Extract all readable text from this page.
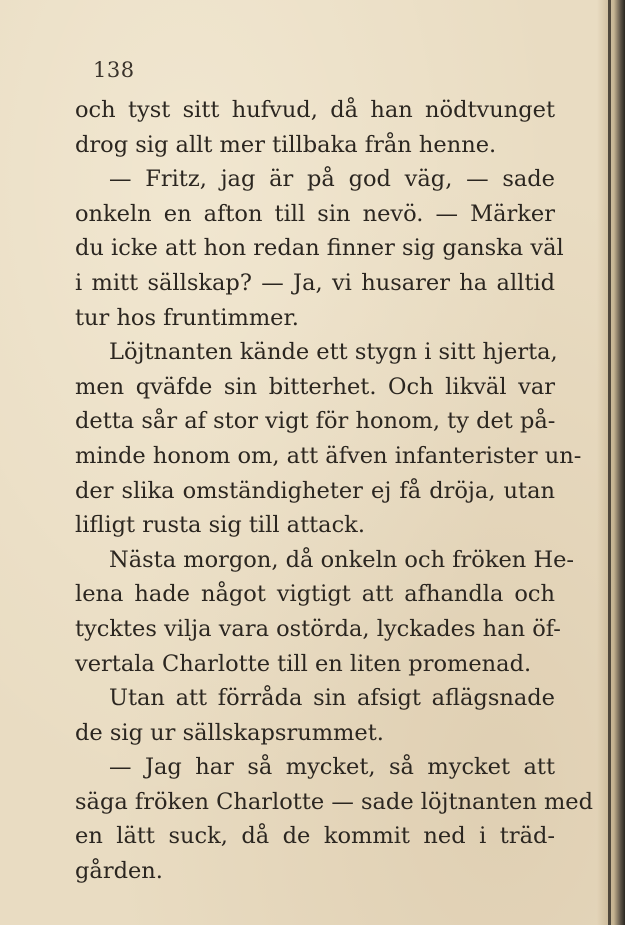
138
och tyst sitt hufvud, då han nödtvunget
drog sig allt mer tillbaka från henne.
— Fritz, jag är på god väg, — sade
onkeln en afton till sin nevö. — Märker
du icke att hon redan finner sig ganska väl
i mitt sällskap? — Ja, vi husarer ha alltid
tur hos fruntimmer.
Löjtnanten kände ett stygn i sitt hjerta,
men qväfde sin bitterhet. Och likväl var
detta sår af stor vigt för honom, ty det på-
minde honom om, att äfven infanterister un-
der slika omständigheter ej få dröja, utan
lifligt rusta sig till attack.
Nästa morgon, då onkeln och fröken He-
lena hade något vigtigt att afhandla och
tycktes vilja vara ostörda, lyckades han öf-
vertala Charlotte till en liten promenad.
Utan att förråda sin afsigt aflägsnade
de sig ur sällskapsrummet.
— Jag har så mycket, så mycket att
säga fröken Charlotte — sade löjtnanten med
en lätt suck, då de kommit ned i träd-
gården.
